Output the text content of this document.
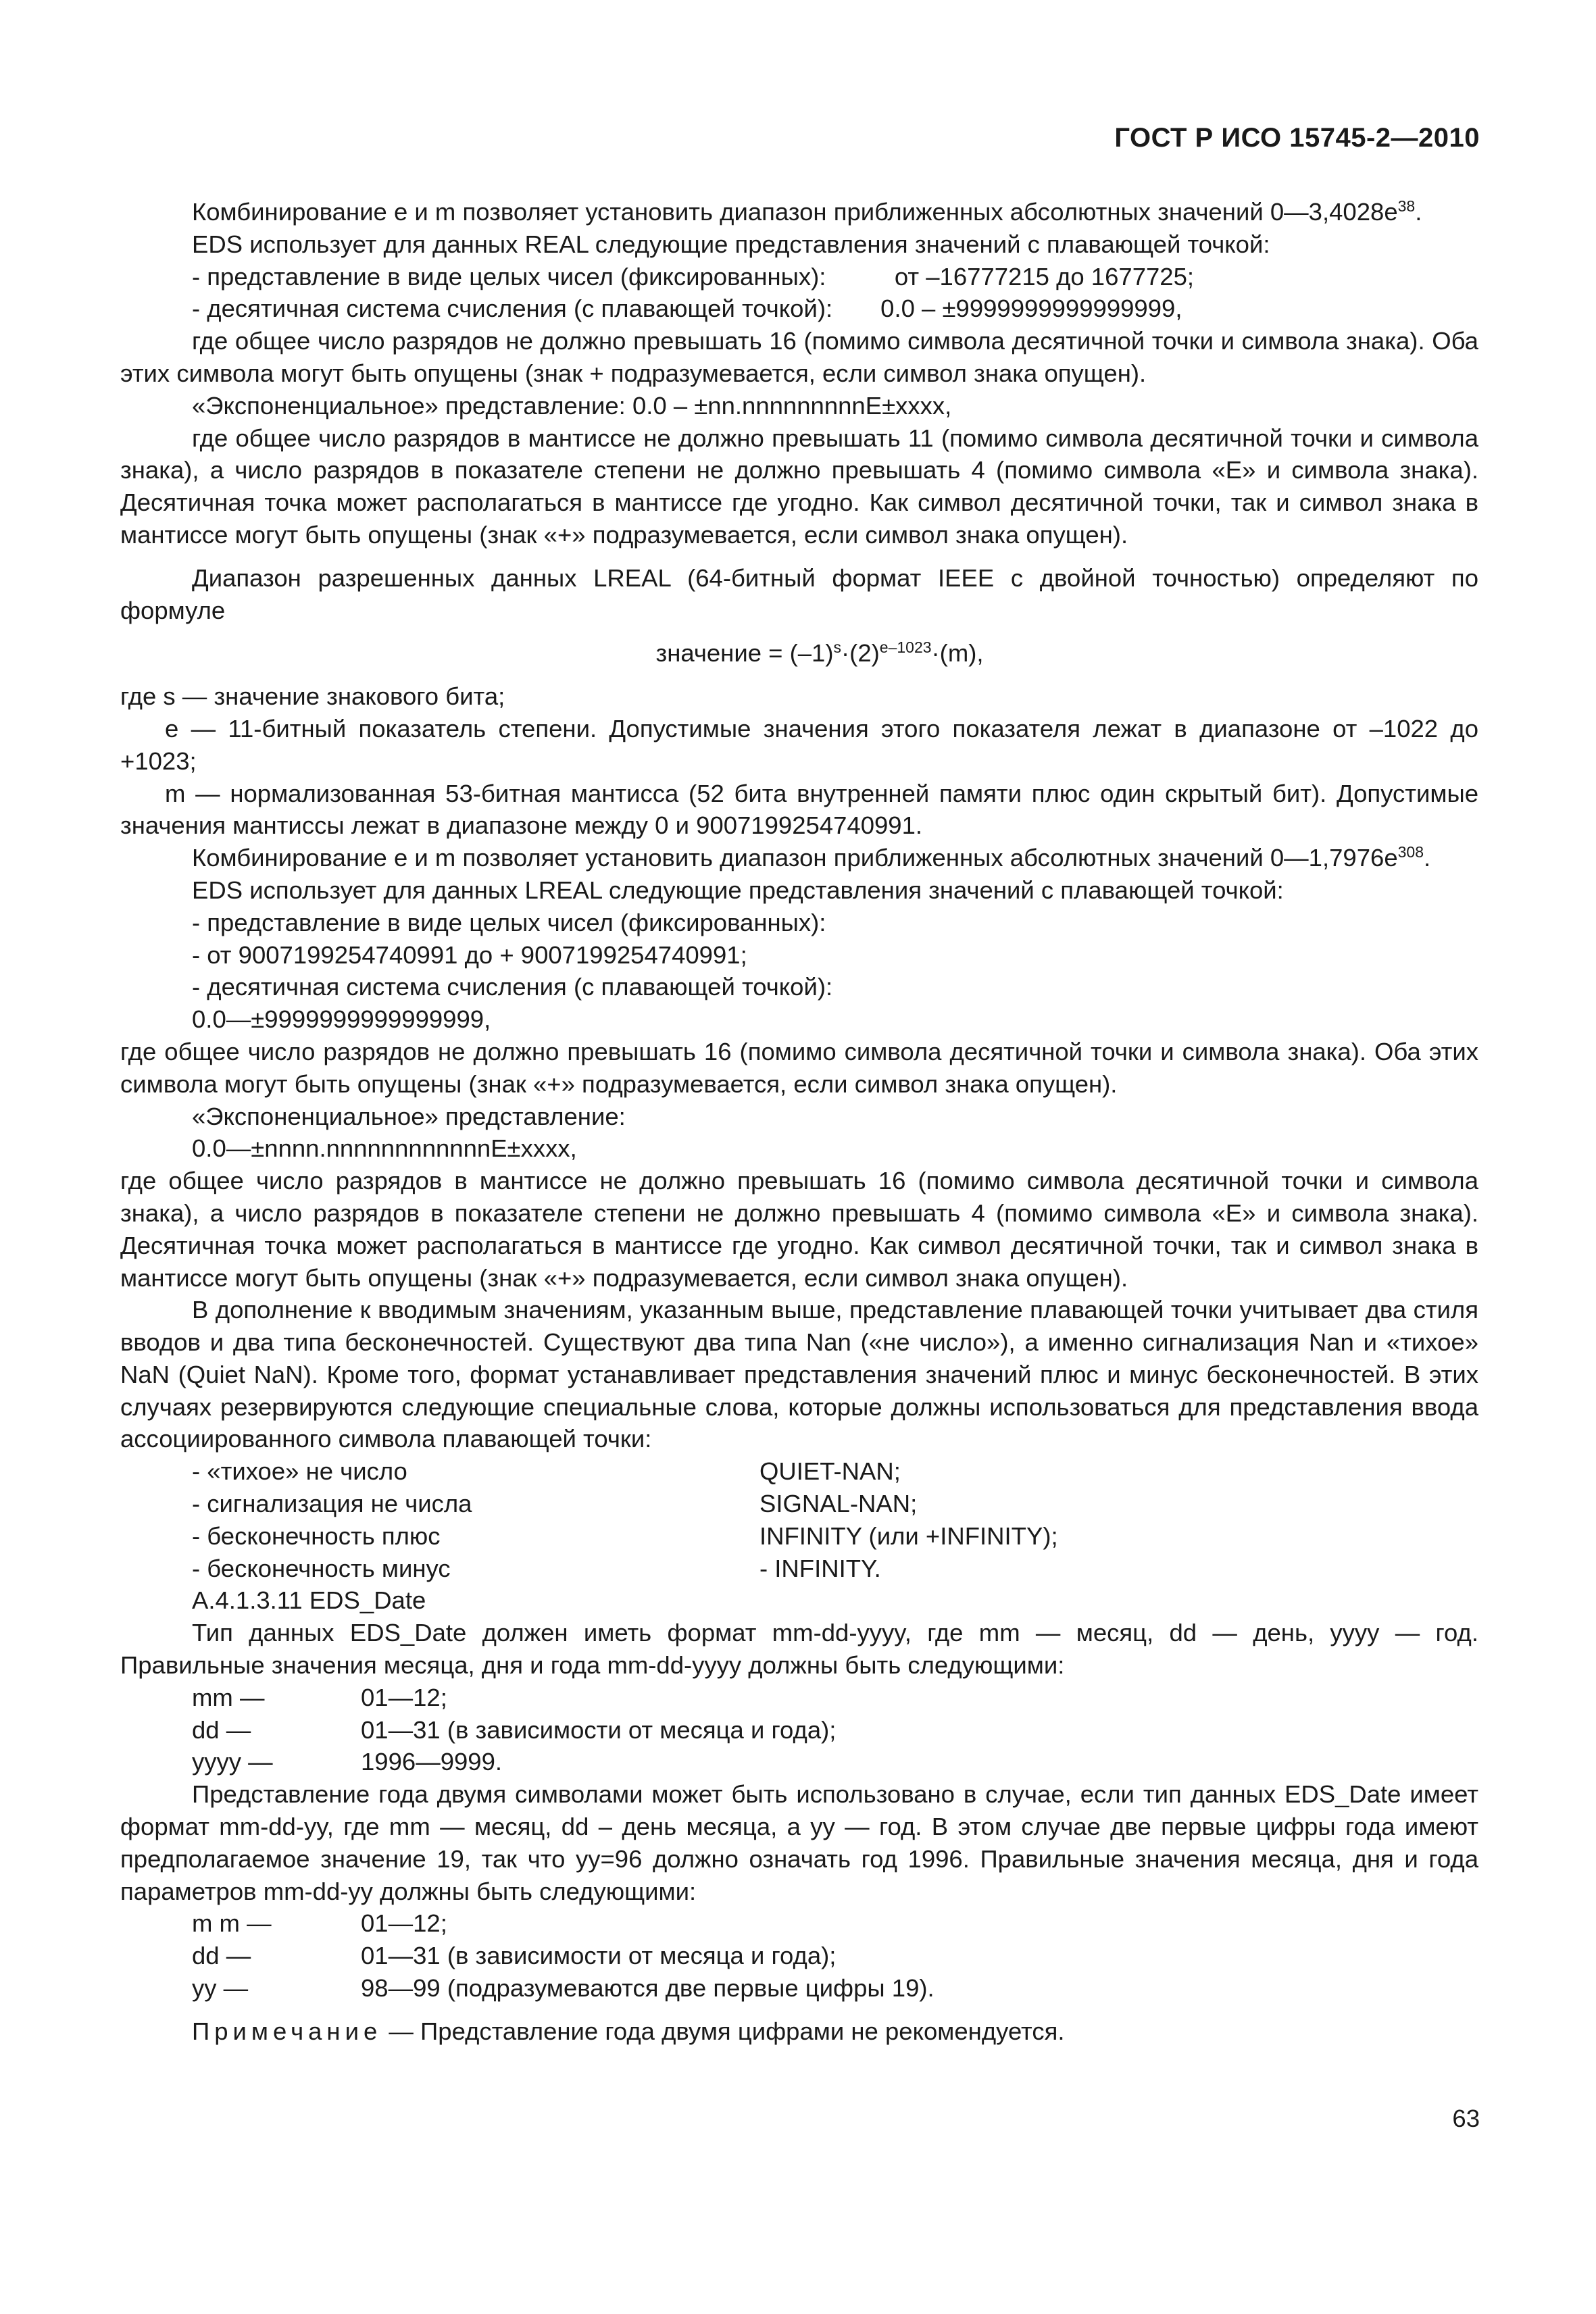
ГОСТ Р ИСО 15745-2—2010

Комбинирование е и m позволяет установить диапазон приближенных абсолютных значений $0—3,4028e^{38}$.

EDS использует для данных REAL следующие представления значений с плавающей точкой:

- представление в виде целых чисел (фиксированных):	от –16777215 до 1677725;

- десятичная система счисления (с плавающей точкой): 0.0 – ±9999999999999999,

где общее число разрядов не должно превышать 16 (помимо символа десятичной точки и символа знака). Оба этих символа могут быть опущены (знак + подразумевается, если символ знака опущен).

«Экспоненциальное» представление: 0.0 – ±nn.nnnnnnnnnE±xxxx,

где общее число разрядов в мантиссе не должно превышать 11 (помимо символа десятичной точки и символа знака), а число разрядов в показателе степени не должно превышать 4 (помимо символа «E» и символа знака). Десятичная точка может располагаться в мантиссе где угодно. Как символ десятичной точки, так и символ знака в мантиссе могут быть опущены (знак «+» подразумевается, если символ знака опущен).

Диапазон разрешенных данных LREAL (64-битный формат IEEE с двойной точностью) определяют по формуле

значение = $(-1)^s\cdot(2)^{e-1023}\cdot(m)$,

где s — значение знакового бита;

e — 11-битный показатель степени. Допустимые значения этого показателя лежат в диапазоне от –1022 до +1023;

m — нормализованная 53-битная мантисса (52 бита внутренней памяти плюс один скрытый бит). Допустимые значения мантиссы лежат в диапазоне между 0 и 9007199254740991.

Комбинирование е и m позволяет установить диапазон приближенных абсолютных значений $0—1,7976e^{308}$.

EDS использует для данных LREAL следующие представления значений с плавающей точкой:

- представление в виде целых чисел (фиксированных):

- от 9007199254740991 до + 9007199254740991;

- десятичная система счисления (с плавающей точкой):

0.0—±9999999999999999,

где общее число разрядов не должно превышать 16 (помимо символа десятичной точки и символа знака). Оба этих символа могут быть опущены (знак «+» подразумевается, если символ знака опущен).

«Экспоненциальное» представление:

0.0—±nnnn.nnnnnnnnnnnnE±xxxx,

где общее число разрядов в мантиссе не должно превышать 16 (помимо символа десятичной точки и символа знака), а число разрядов в показателе степени не должно превышать 4 (помимо символа «E» и символа знака). Десятичная точка может располагаться в мантиссе где угодно. Как символ десятичной точки, так и символ знака в мантиссе могут быть опущены (знак «+» подразумевается, если символ знака опущен).

В дополнение к вводимым значениям, указанным выше, представление плавающей точки учитывает два стиля вводов и два типа бесконечностей. Существуют два типа Nan («не число»), а именно сигнализация Nan и «тихое» NaN (Quiet NaN). Кроме того, формат устанавливает представления значений плюс и минус бесконечностей. В этих случаях резервируются следующие специальные слова, которые должны использоваться для представления ввода ассоциированного символа плавающей точки:

- «тихое» не число	QUIET-NAN;
- сигнализация не числа	SIGNAL-NAN;
- бесконечность плюс	INFINITY (или +INFINITY);
- бесконечность минус	- INFINITY.

A.4.1.3.11 EDS_Date

Тип данных EDS_Date должен иметь формат mm-dd-yyyy, где mm — месяц, dd — день, yyyy — год. Правильные значения месяца, дня и года mm-dd-yyyy должны быть следующими:

mm —	01—12;
dd —	01—31 (в зависимости от месяца и года);
yyyy —	1996—9999.

Представление года двумя символами может быть использовано в случае, если тип данных EDS_Date имеет формат mm-dd-yy, где mm — месяц, dd – день месяца, а yy — год. В этом случае две первые цифры года имеют предполагаемое значение 19, так что yy=96 должно означать год 1996. Правильные значения месяца, дня и года параметров mm-dd-yy должны быть следующими:

m m —	01—12;
dd —	01—31 (в зависимости от месяца и года);
yy —	98—99 (подразумеваются две первые цифры 19).

Примечание — Представление года двумя цифрами не рекомендуется.

63
